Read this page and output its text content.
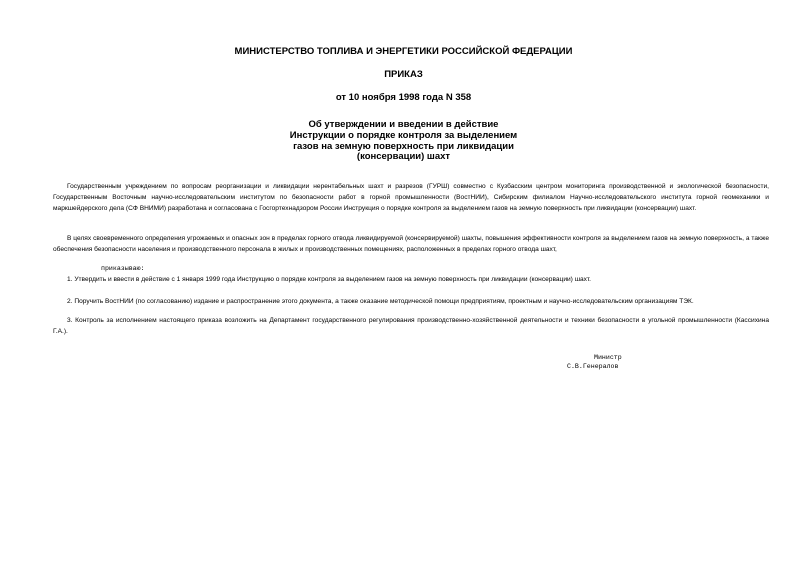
МИНИСТЕРСТВО ТОПЛИВА И ЭНЕРГЕТИКИ РОССИЙСКОЙ ФЕДЕРАЦИИ
ПРИКАЗ
от 10 ноября 1998 года N 358
Об утверждении и введении в действие
Инструкции о порядке контроля за выделением
газов на земную поверхность при ликвидации
(консервации) шахт
Государственным учреждением по вопросам реорганизации и ликвидации нерентабельных шахт и разрезов (ГУРШ) совместно с Кузбасским центром мониторинга производственной и экологической безопасности, Государственным Восточным научно-исследовательским институтом по безопасности работ в горной промышленности (ВостНИИ), Сибирским филиалом Научно-исследовательского института горной геомеханики и маркшейдерского дела (СФ ВНИМИ) разработана и согласована с Госгортехнадзором России Инструкция о порядке контроля за выделением газов на земную поверхность при ликвидации (консервации) шахт.
В целях своевременного определения угрожаемых и опасных зон в пределах горного отвода ликвидируемой (консервируемой) шахты, повышения эффективности контроля за выделением газов на земную поверхность, а также обеспечения безопасности населения и производственного персонала в жилых и производственных помещениях, расположенных в пределах горного отвода шахт,
приказываю:
1. Утвердить и ввести в действие с 1 января 1999 года Инструкцию о порядке контроля за выделением газов на земную поверхность при ликвидации (консервации) шахт.
2. Поручить ВостНИИ (по согласованию) издание и распространение этого документа, а также оказание методической помощи предприятиям, проектным и научно-исследовательским организациям ТЭК.
3. Контроль за исполнением настоящего приказа возложить на Департамент государственного регулирования производственно-хозяйственной деятельности и техники безопасности в угольной промышленности (Кассихина Г.А.).
Министр
С.В.Генералов
